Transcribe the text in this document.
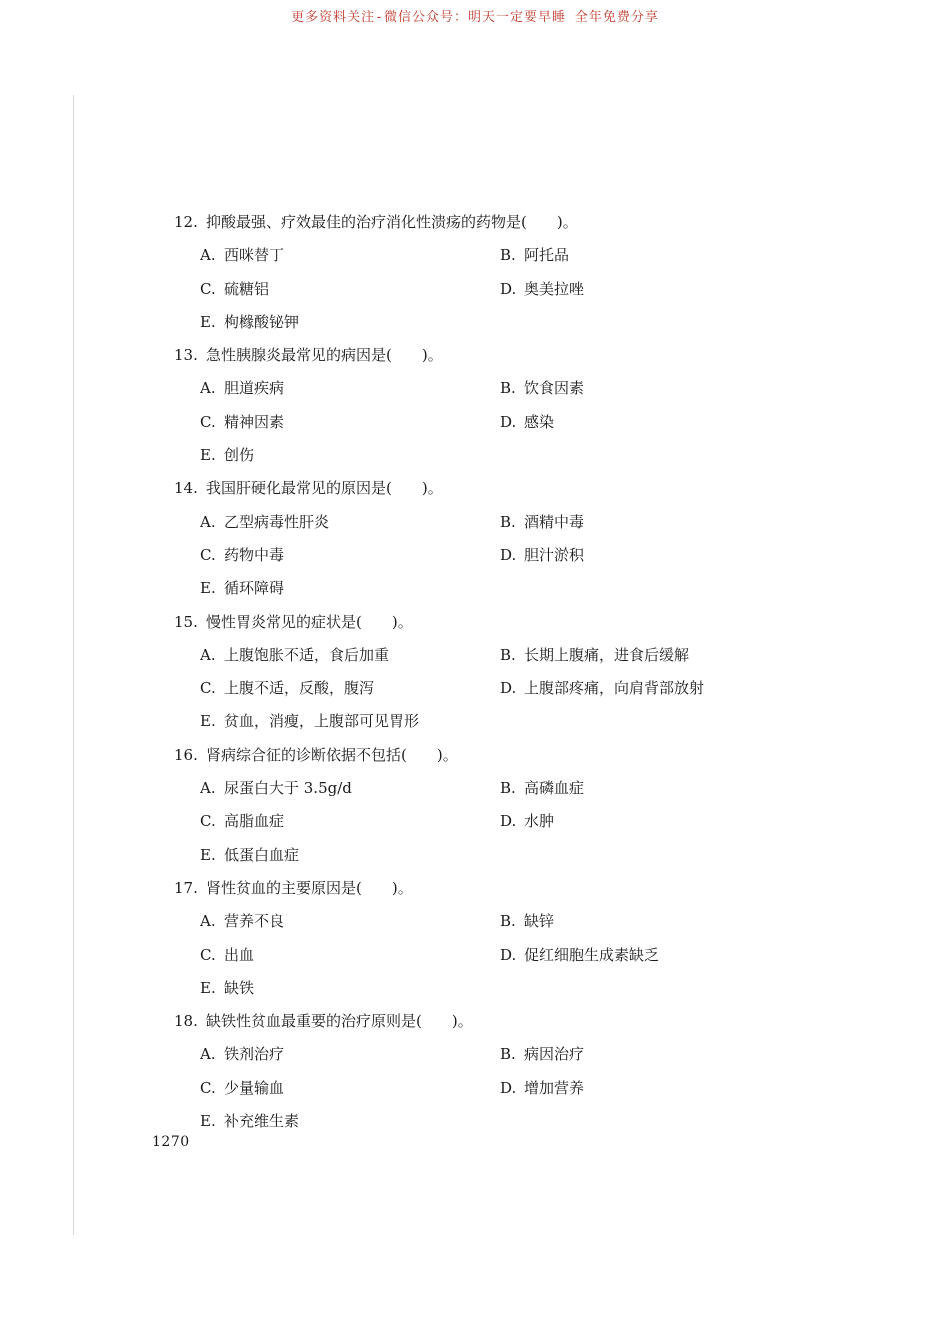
更多资料关注-微信公众号：明天一定要早睡 全年免费分享
12. 抑酸最强、疗效最佳的治疗消化性溃疡的药物是(　　)。
A. 西咪替丁	B. 阿托品
C. 硫糖铝	D. 奥美拉唑
E. 枸橼酸铋钾
13. 急性胰腺炎最常见的病因是(　　)。
A. 胆道疾病	B. 饮食因素
C. 精神因素	D. 感染
E. 创伤
14. 我国肝硬化最常见的原因是(　　)。
A. 乙型病毒性肝炎	B. 酒精中毒
C. 药物中毒	D. 胆汁淤积
E. 循环障碍
15. 慢性胃炎常见的症状是(　　)。
A. 上腹饱胀不适，食后加重	B. 长期上腹痛，进食后缓解
C. 上腹不适，反酸，腹泻	D. 上腹部疼痛，向肩背部放射
E. 贫血，消瘦，上腹部可见胃形
16. 肾病综合征的诊断依据不包括(　　)。
A. 尿蛋白大于 3.5g/d	B. 高磷血症
C. 高脂血症	D. 水肿
E. 低蛋白血症
17. 肾性贫血的主要原因是(　　)。
A. 营养不良	B. 缺锌
C. 出血	D. 促红细胞生成素缺乏
E. 缺铁
18. 缺铁性贫血最重要的治疗原则是(　　)。
A. 铁剂治疗	B. 病因治疗
C. 少量输血	D. 增加营养
E. 补充维生素
1270
